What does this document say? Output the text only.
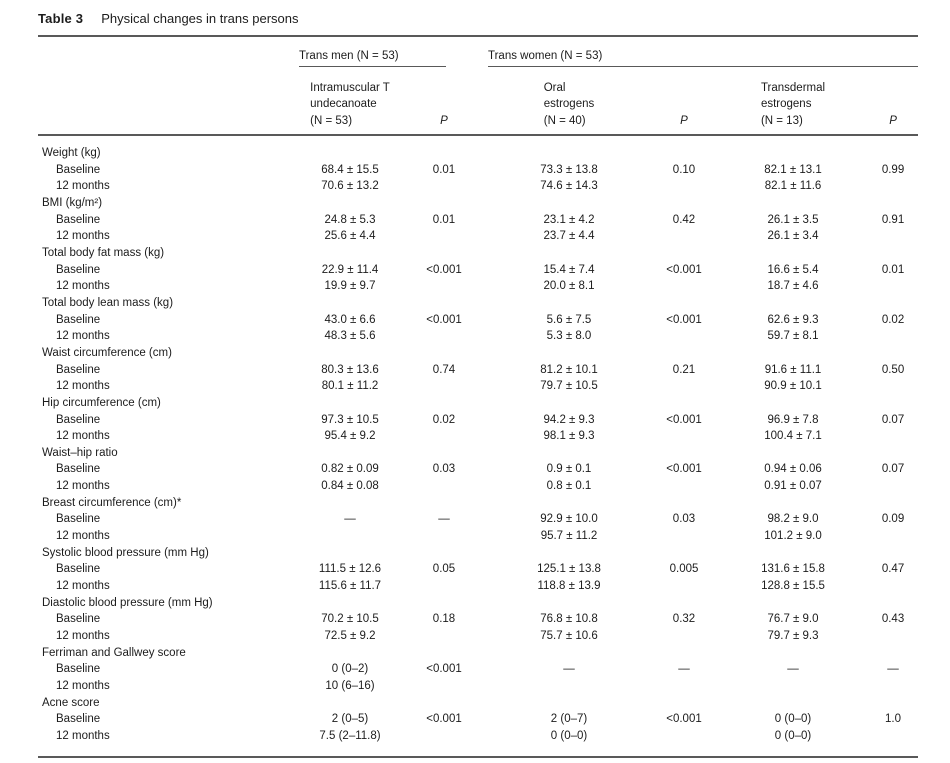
Table 3 Physical changes in trans persons

	Trans men (N = 53)			Trans women (N = 53)			

Intramuscular T
undecanoate
(N = 53)	P		
Oral
estrogens
(N = 40)	P	
Transdermal
estrogens
(N = 13)	P
Weight (kg)							
Baseline	68.4 ± 15.5	0.01		73.3 ± 13.8	0.10	82.1 ± 13.1	0.99
12 months	70.6 ± 13.2			74.6 ± 14.3		82.1 ± 11.6	
BMI (kg/m²)							
Baseline	24.8 ± 5.3	0.01		23.1 ± 4.2	0.42	26.1 ± 3.5	0.91
12 months	25.6 ± 4.4			23.7 ± 4.4		26.1 ± 3.4	
Total body fat mass (kg)							
Baseline	22.9 ± 11.4	<0.001		15.4 ± 7.4	<0.001	16.6 ± 5.4	0.01
12 months	19.9 ± 9.7			20.0 ± 8.1		18.7 ± 4.6	
Total body lean mass (kg)							
Baseline	43.0 ± 6.6	<0.001		5.6 ± 7.5	<0.001	62.6 ± 9.3	0.02
12 months	48.3 ± 5.6			5.3 ± 8.0		59.7 ± 8.1	
Waist circumference (cm)							
Baseline	80.3 ± 13.6	0.74		81.2 ± 10.1	0.21	91.6 ± 11.1	0.50
12 months	80.1 ± 11.2			79.7 ± 10.5		90.9 ± 10.1	
Hip circumference (cm)							
Baseline	97.3 ± 10.5	0.02		94.2 ± 9.3	<0.001	96.9 ± 7.8	0.07
12 months	95.4 ± 9.2			98.1 ± 9.3		100.4 ± 7.1	
Waist–hip ratio							
Baseline	0.82 ± 0.09	0.03		0.9 ± 0.1	<0.001	0.94 ± 0.06	0.07
12 months	0.84 ± 0.08			0.8 ± 0.1		0.91 ± 0.07	
Breast circumference (cm)*							
Baseline	—	—		92.9 ± 10.0	0.03	98.2 ± 9.0	0.09
12 months				95.7 ± 11.2		101.2 ± 9.0	
Systolic blood pressure (mm Hg)							
Baseline	111.5 ± 12.6	0.05		125.1 ± 13.8	0.005	131.6 ± 15.8	0.47
12 months	115.6 ± 11.7			118.8 ± 13.9		128.8 ± 15.5	
Diastolic blood pressure (mm Hg)							
Baseline	70.2 ± 10.5	0.18		76.8 ± 10.8	0.32	76.7 ± 9.0	0.43
12 months	72.5 ± 9.2			75.7 ± 10.6		79.7 ± 9.3	
Ferriman and Gallwey score							
Baseline	0 (0–2)	<0.001		—	—	—	—
12 months	10 (6–16)						
Acne score							
Baseline	2 (0–5)	<0.001		2 (0–7)	<0.001	0 (0–0)	1.0
12 months	7.5 (2–11.8)			0 (0–0)		0 (0–0)	
